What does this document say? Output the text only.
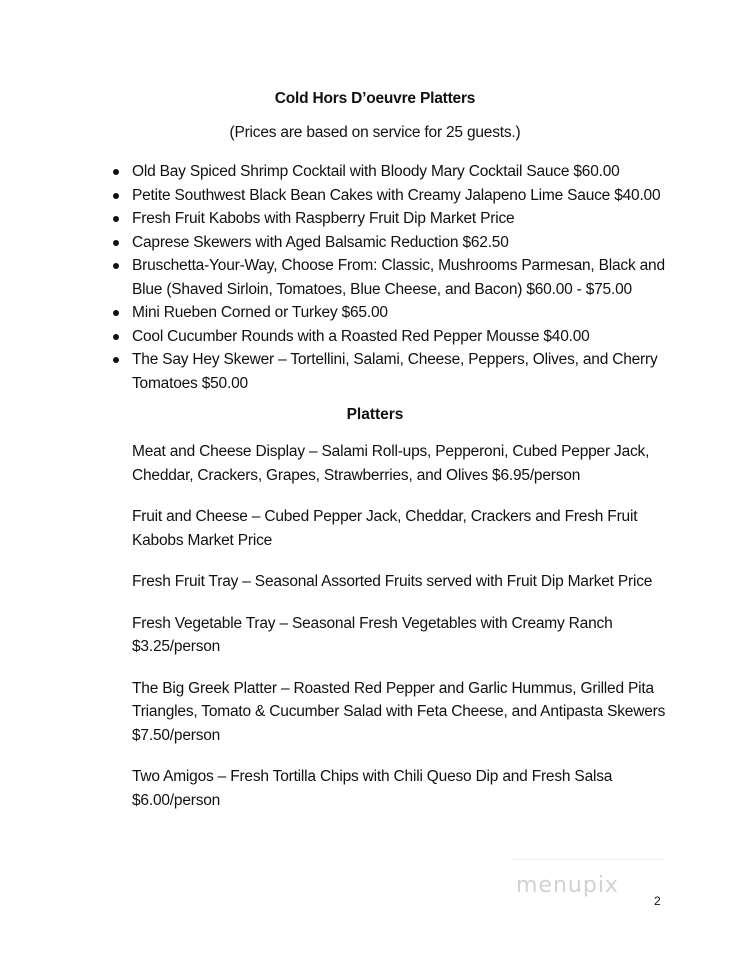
Cold Hors D’oeuvre Platters
(Prices are based on service for 25 guests.)
Old Bay Spiced Shrimp Cocktail with Bloody Mary Cocktail Sauce $60.00
Petite Southwest Black Bean Cakes with Creamy Jalapeno Lime Sauce $40.00
Fresh Fruit Kabobs with Raspberry Fruit Dip Market Price
Caprese Skewers with Aged Balsamic Reduction $62.50
Bruschetta-Your-Way, Choose From: Classic, Mushrooms Parmesan, Black and Blue (Shaved Sirloin, Tomatoes, Blue Cheese, and Bacon) $60.00 - $75.00
Mini Rueben Corned or Turkey $65.00
Cool Cucumber Rounds with a Roasted Red Pepper Mousse $40.00
The Say Hey Skewer – Tortellini, Salami, Cheese, Peppers, Olives, and Cherry Tomatoes $50.00
Platters
Meat and Cheese Display – Salami Roll-ups, Pepperoni, Cubed Pepper Jack, Cheddar, Crackers, Grapes, Strawberries, and Olives $6.95/person
Fruit and Cheese – Cubed Pepper Jack, Cheddar, Crackers and Fresh Fruit Kabobs Market Price
Fresh Fruit Tray – Seasonal Assorted Fruits served with Fruit Dip Market Price
Fresh Vegetable Tray – Seasonal Fresh Vegetables with Creamy Ranch $3.25/person
The Big Greek Platter – Roasted Red Pepper and Garlic Hummus, Grilled Pita Triangles, Tomato & Cucumber Salad with Feta Cheese, and Antipasta Skewers $7.50/person
Two Amigos – Fresh Tortilla Chips with Chili Queso Dip and Fresh Salsa $6.00/person
menupix
2
